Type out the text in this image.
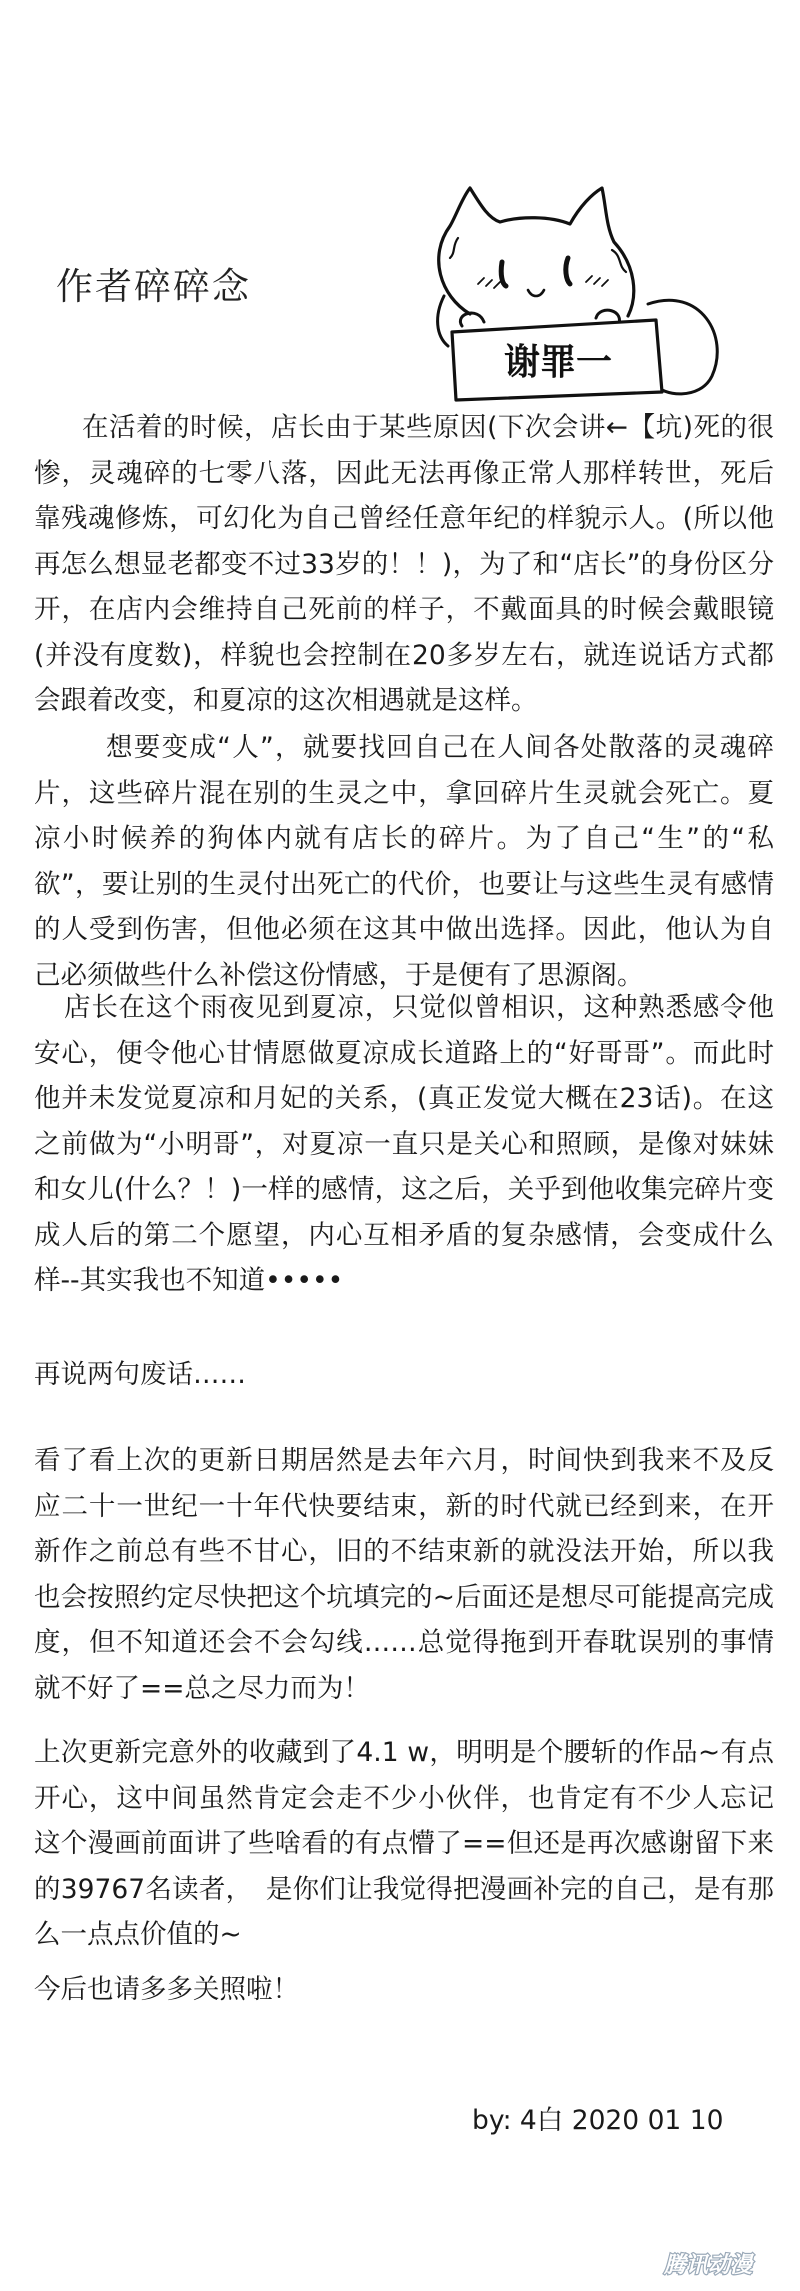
作者碎碎念
谢罪一

在活着的时候，店长由于某些原因(下次会讲←【坑)死的很惨，灵魂碎的七零八落，因此无法再像正常人那样转世，死后靠残魂修炼，可幻化为自己曾经任意年纪的样貌示人。(所以他再怎么想显老都变不过33岁的！！)，为了和“店长”的身份区分开，在店内会维持自己死前的样子，不戴面具的时候会戴眼镜(并没有度数)，样貌也会控制在20多岁左右，就连说话方式都会跟着改变，和夏凉的这次相遇就是这样。

想要变成“人”，就要找回自己在人间各处散落的灵魂碎片，这些碎片混在别的生灵之中，拿回碎片生灵就会死亡。夏凉小时候养的狗体内就有店长的碎片。为了自己“生”的“私欲”，要让别的生灵付出死亡的代价，也要让与这些生灵有感情的人受到伤害，但他必须在这其中做出选择。因此，他认为自己必须做些什么补偿这份情感，于是便有了思源阁。

店长在这个雨夜见到夏凉，只觉似曾相识，这种熟悉感令他安心，便令他心甘情愿做夏凉成长道路上的“好哥哥”。而此时他并未发觉夏凉和月妃的关系，(真正发觉大概在23话)。在这之前做为“小明哥”，对夏凉一直只是关心和照顾，是像对妹妹和女儿(什么？！)一样的感情，这之后，关乎到他收集完碎片变成人后的第二个愿望，内心互相矛盾的复杂感情，会变成什么样--其实我也不知道•••••

再说两句废话……

看了看上次的更新日期居然是去年六月，时间快到我来不及反应二十一世纪一十年代快要结束，新的时代就已经到来，在开新作之前总有些不甘心，旧的不结束新的就没法开始，所以我也会按照约定尽快把这个坑填完的~后面还是想尽可能提高完成度，但不知道还会不会勾线……总觉得拖到开春耽误别的事情就不好了==总之尽力而为！

上次更新完意外的收藏到了4.1 w，明明是个腰斩的作品~有点开心，这中间虽然肯定会走不少小伙伴，也肯定有不少人忘记这个漫画前面讲了些啥看的有点懵了==但还是再次感谢留下来的39767名读者，　是你们让我觉得把漫画补完的自己，是有那么一点点价值的~

今后也请多多关照啦！

by: 4白 2020 01 10
腾讯动漫
